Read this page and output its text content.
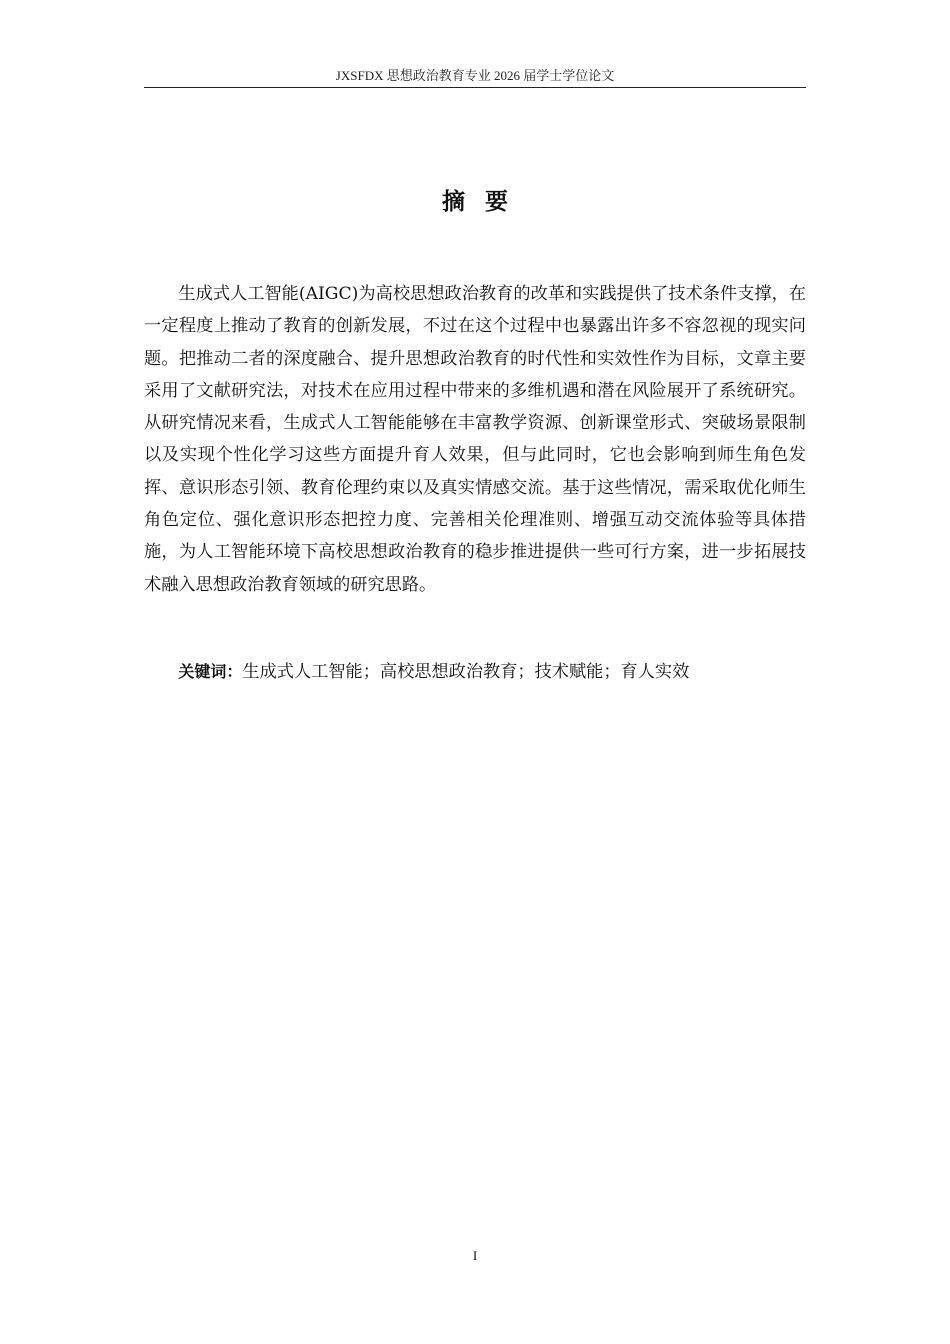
JXSFDX 思想政治教育专业 2026 届学士学位论文
摘要

生成式人工智能(AIGC)为高校思想政治教育的改革和实践提供了技术条件支撑，在一定程度上推动了教育的创新发展，不过在这个过程中也暴露出许多不容忽视的现实问题。把推动二者的深度融合、提升思想政治教育的时代性和实效性作为目标，文章主要采用了文献研究法，对技术在应用过程中带来的多维机遇和潜在风险展开了系统研究。从研究情况来看，生成式人工智能能够在丰富教学资源、创新课堂形式、突破场景限制以及实现个性化学习这些方面提升育人效果，但与此同时，它也会影响到师生角色发挥、意识形态引领、教育伦理约束以及真实情感交流。基于这些情况，需采取优化师生角色定位、强化意识形态把控力度、完善相关伦理准则、增强互动交流体验等具体措施，为人工智能环境下高校思想政治教育的稳步推进提供一些可行方案，进一步拓展技术融入思想政治教育领域的研究思路。

关键词：生成式人工智能；高校思想政治教育；技术赋能；育人实效

I
